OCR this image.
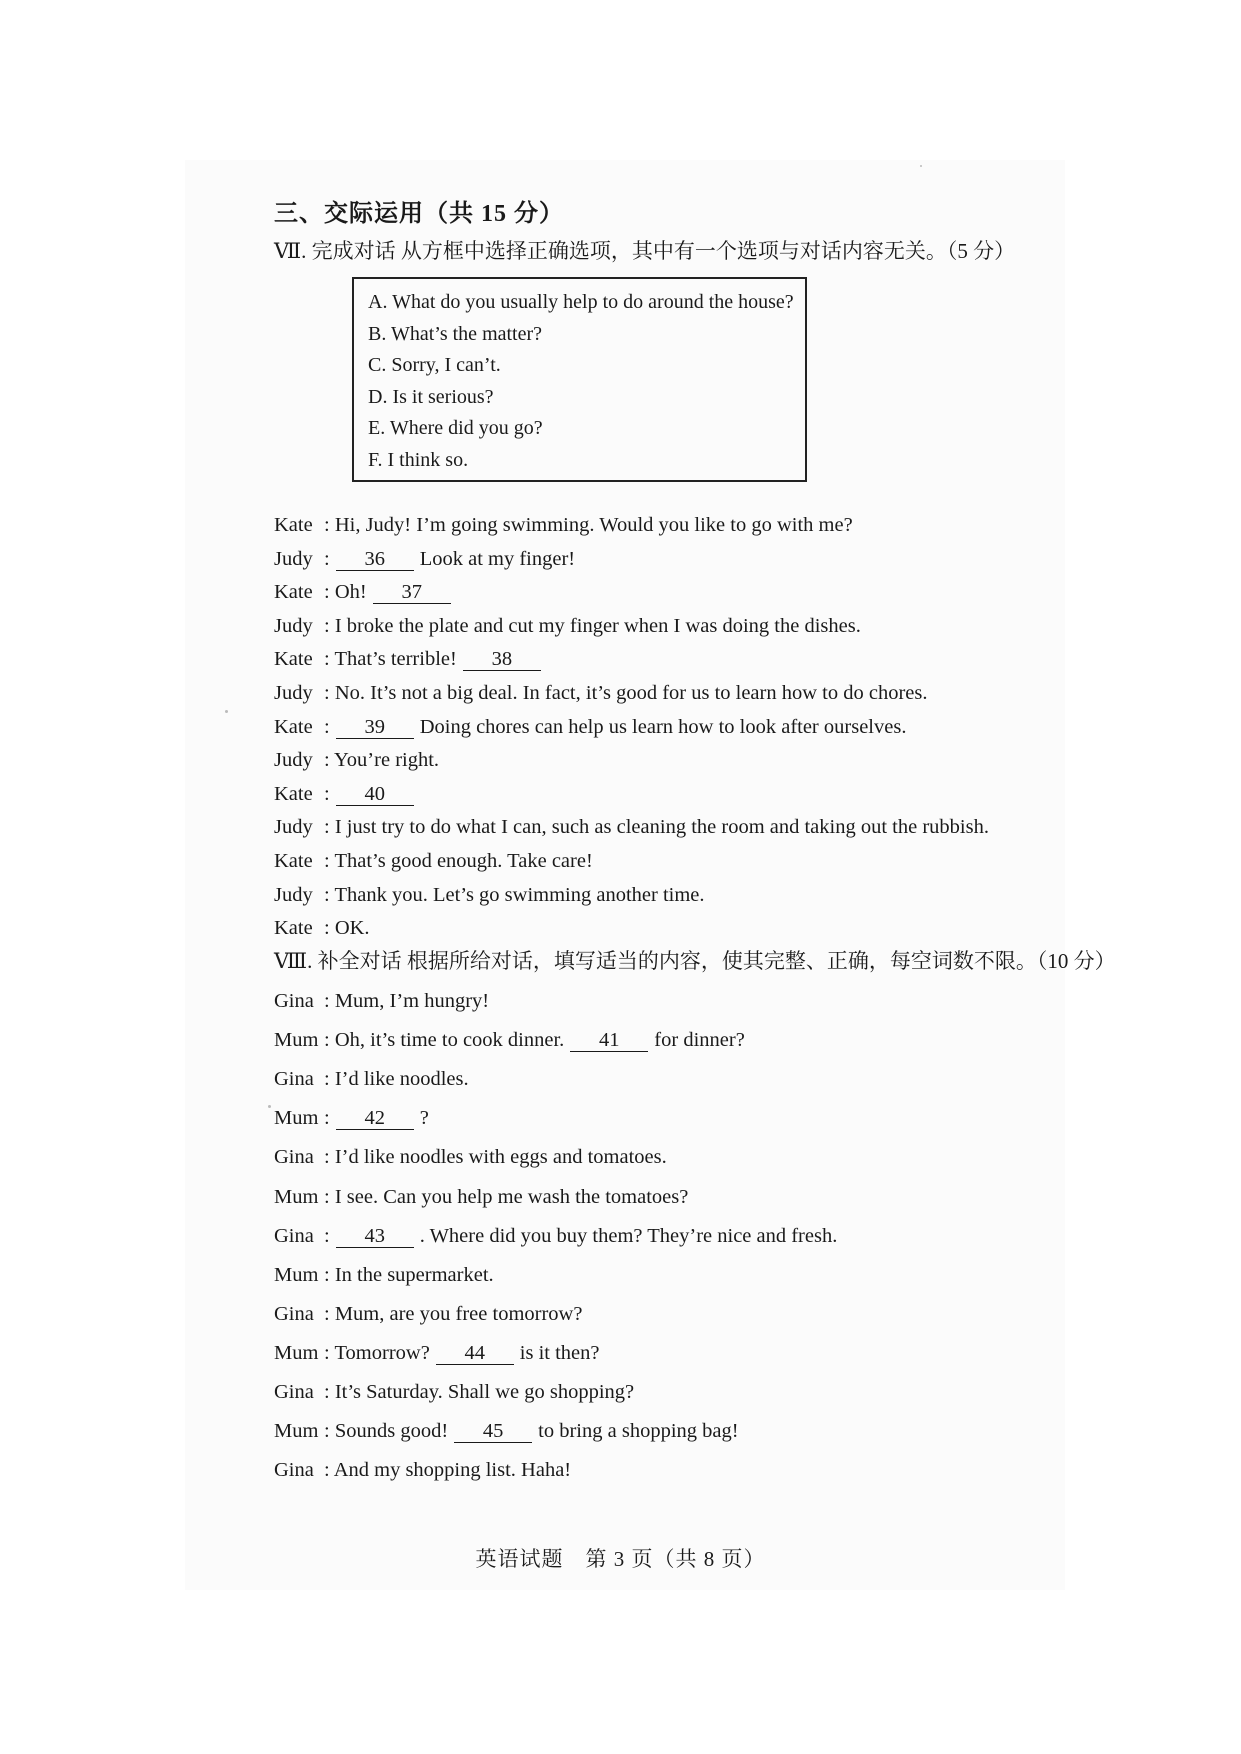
三、交际运用（共 15 分）
Ⅶ. 完成对话 从方框中选择正确选项，其中有一个选项与对话内容无关。（5 分）
A. What do you usually help to do around the house?
B. What’s the matter?
C. Sorry, I can’t.
D. Is it serious?
E. Where did you go?
F. I think so.
Kate : Hi, Judy! I’m going swimming. Would you like to go with me?
Judy : 36 Look at my finger!
Kate : Oh! 37
Judy : I broke the plate and cut my finger when I was doing the dishes.
Kate : That’s terrible! 38
Judy : No. It’s not a big deal. In fact, it’s good for us to learn how to do chores.
Kate : 39 Doing chores can help us learn how to look after ourselves.
Judy : You’re right.
Kate : 40
Judy : I just try to do what I can, such as cleaning the room and taking out the rubbish.
Kate : That’s good enough. Take care!
Judy : Thank you. Let’s go swimming another time.
Kate : OK.
Ⅷ. 补全对话 根据所给对话，填写适当的内容，使其完整、正确，每空词数不限。（10 分）
Gina : Mum, I’m hungry!
Mum : Oh, it’s time to cook dinner. 41 for dinner?
Gina : I’d like noodles.
Mum : 42 ?
Gina : I’d like noodles with eggs and tomatoes.
Mum : I see. Can you help me wash the tomatoes?
Gina : 43 . Where did you buy them? They’re nice and fresh.
Mum : In the supermarket.
Gina : Mum, are you free tomorrow?
Mum : Tomorrow? 44 is it then?
Gina : It’s Saturday. Shall we go shopping?
Mum : Sounds good! 45 to bring a shopping bag!
Gina : And my shopping list. Haha!
英语试题　第 3 页（共 8 页）
